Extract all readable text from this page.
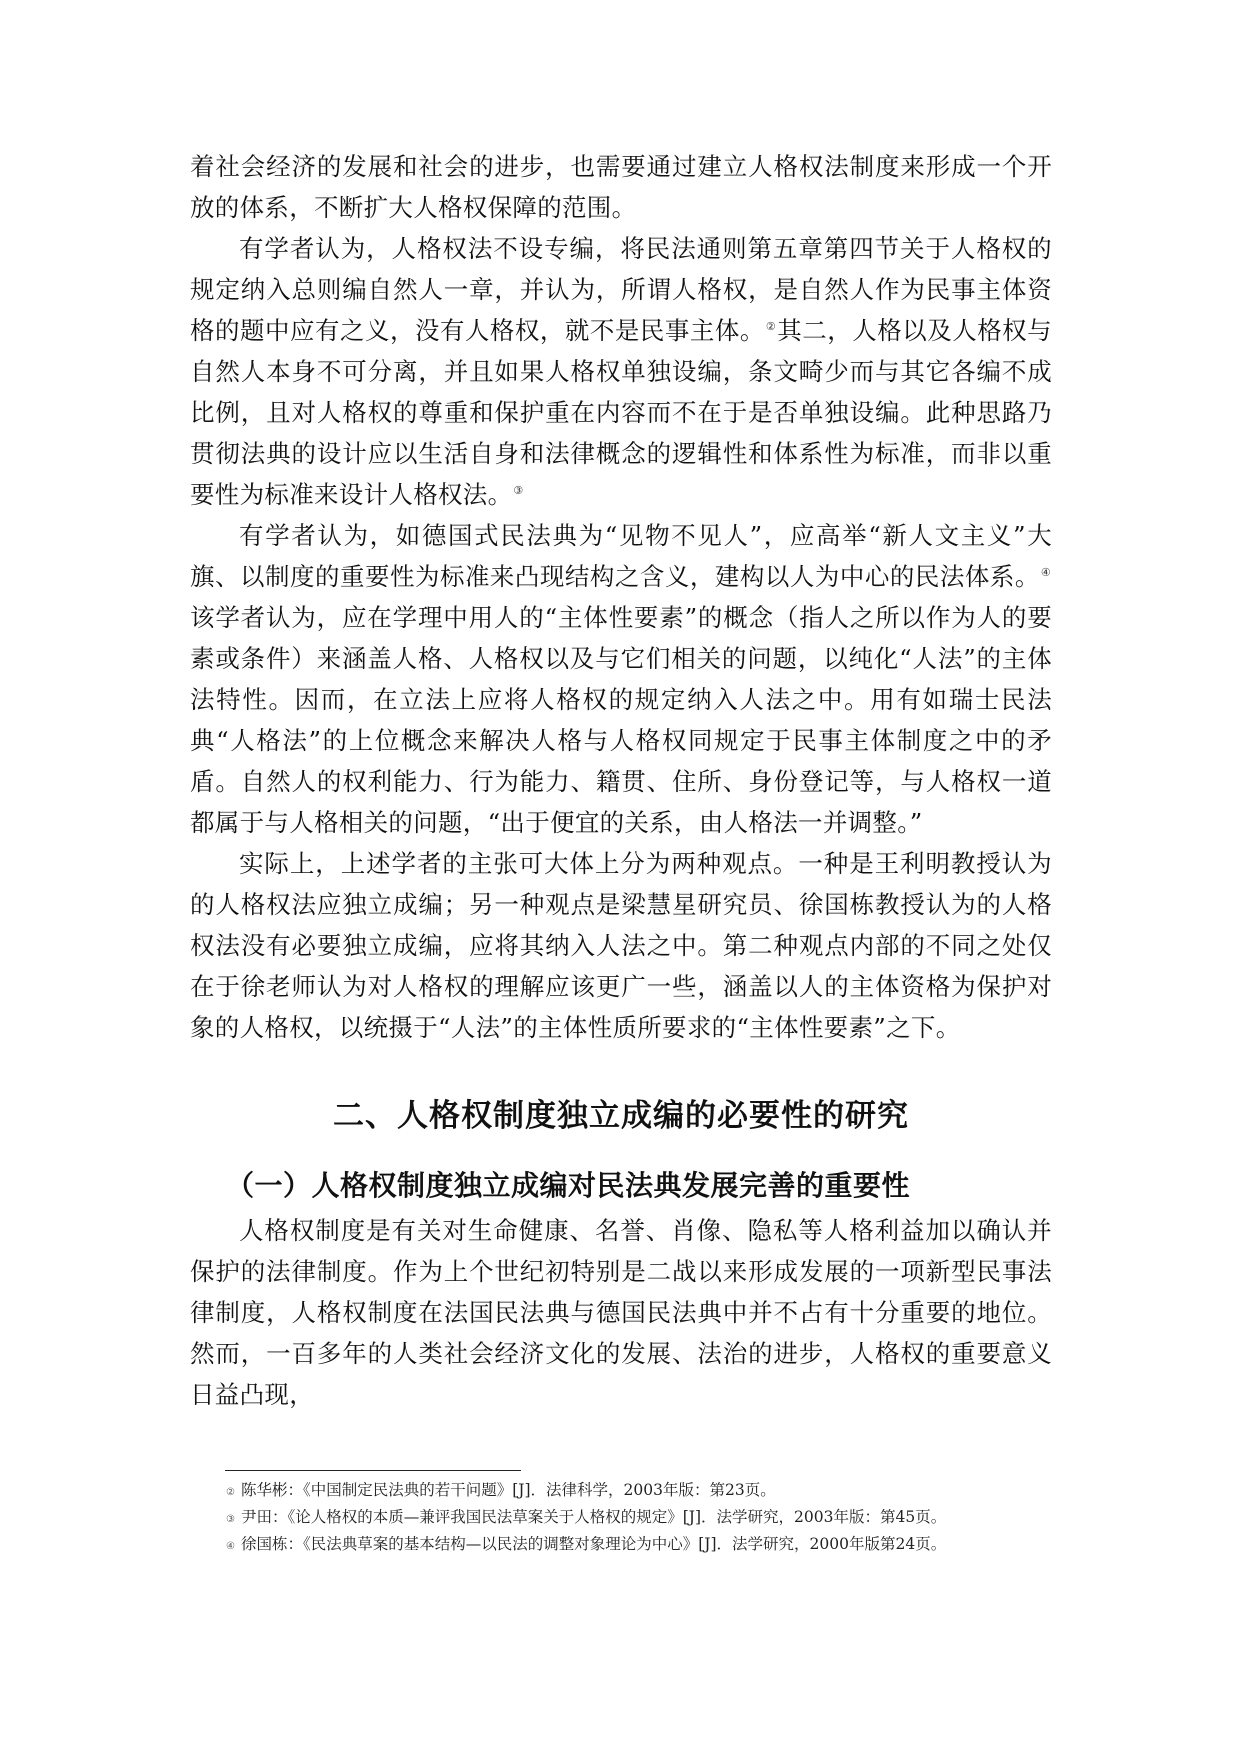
着社会经济的发展和社会的进步，也需要通过建立人格权法制度来形成一个开放的体系，不断扩大人格权保障的范围。

有学者认为，人格权法不设专编，将民法通则第五章第四节关于人格权的规定纳入总则编自然人一章，并认为，所谓人格权，是自然人作为民事主体资格的题中应有之义，没有人格权，就不是民事主体。②其二，人格以及人格权与自然人本身不可分离，并且如果人格权单独设编，条文畸少而与其它各编不成比例，且对人格权的尊重和保护重在内容而不在于是否单独设编。此种思路乃贯彻法典的设计应以生活自身和法律概念的逻辑性和体系性为标准，而非以重要性为标准来设计人格权法。③

有学者认为，如德国式民法典为“见物不见人”，应高举“新人文主义”大旗、以制度的重要性为标准来凸现结构之含义，建构以人为中心的民法体系。④该学者认为，应在学理中用人的“主体性要素”的概念（指人之所以作为人的要素或条件）来涵盖人格、人格权以及与它们相关的问题，以纯化“人法”的主体法特性。因而，在立法上应将人格权的规定纳入人法之中。用有如瑞士民法典“人格法”的上位概念来解决人格与人格权同规定于民事主体制度之中的矛盾。自然人的权利能力、行为能力、籍贯、住所、身份登记等，与人格权一道都属于与人格相关的问题，“出于便宜的关系，由人格法一并调整。”

实际上，上述学者的主张可大体上分为两种观点。一种是王利明教授认为的人格权法应独立成编；另一种观点是梁慧星研究员、徐国栋教授认为的人格权法没有必要独立成编，应将其纳入人法之中。第二种观点内部的不同之处仅在于徐老师认为对人格权的理解应该更广一些，涵盖以人的主体资格为保护对象的人格权，以统摄于“人法”的主体性质所要求的“主体性要素”之下。

二、人格权制度独立成编的必要性的研究
（一）人格权制度独立成编对民法典发展完善的重要性

人格权制度是有关对生命健康、名誉、肖像、隐私等人格利益加以确认并保护的法律制度。作为上个世纪初特别是二战以来形成发展的一项新型民事法律制度，人格权制度在法国民法典与德国民法典中并不占有十分重要的地位。然而，一百多年的人类社会经济文化的发展、法治的进步，人格权的重要意义日益凸现，

② 陈华彬：《中国制定民法典的若干问题》[J]．法律科学，2003年版：第23页。

③ 尹田：《论人格权的本质—兼评我国民法草案关于人格权的规定》[J]．法学研究，2003年版：第45页。

④ 徐国栋：《民法典草案的基本结构—以民法的调整对象理论为中心》[J]．法学研究，2000年版第24页。
